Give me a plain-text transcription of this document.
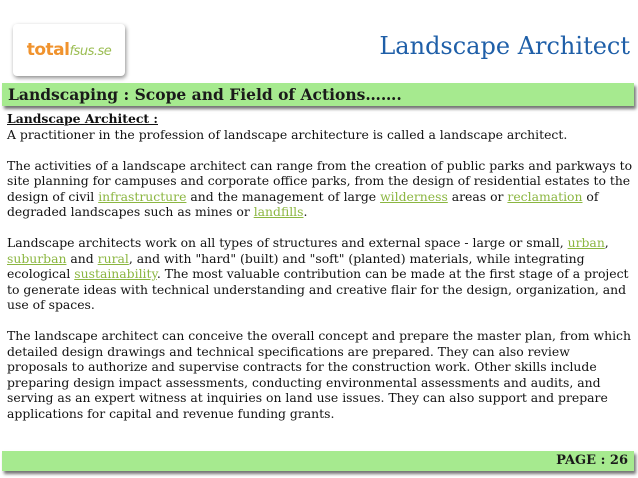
totalfsus.se	Landscape Architect
Landscaping : Scope and Field of Actions…….

Landscape Architect :
A practitioner in the profession of landscape architecture is called a landscape architect.

The activities of a landscape architect can range from the creation of public parks and parkways to site planning for campuses and corporate office parks, from the design of residential estates to the design of civil infrastructure and the management of large wilderness areas or reclamation of degraded landscapes such as mines or landfills.

Landscape architects work on all types of structures and external space - large or small, urban, suburban and rural, and with "hard" (built) and "soft" (planted) materials, while integrating ecological sustainability. The most valuable contribution can be made at the first stage of a project to generate ideas with technical understanding and creative flair for the design, organization, and use of spaces.

The landscape architect can conceive the overall concept and prepare the master plan, from which detailed design drawings and technical specifications are prepared. They can also review proposals to authorize and supervise contracts for the construction work. Other skills include preparing design impact assessments, conducting environmental assessments and audits, and serving as an expert witness at inquiries on land use issues. They can also support and prepare applications for capital and revenue funding grants.

PAGE : 26
